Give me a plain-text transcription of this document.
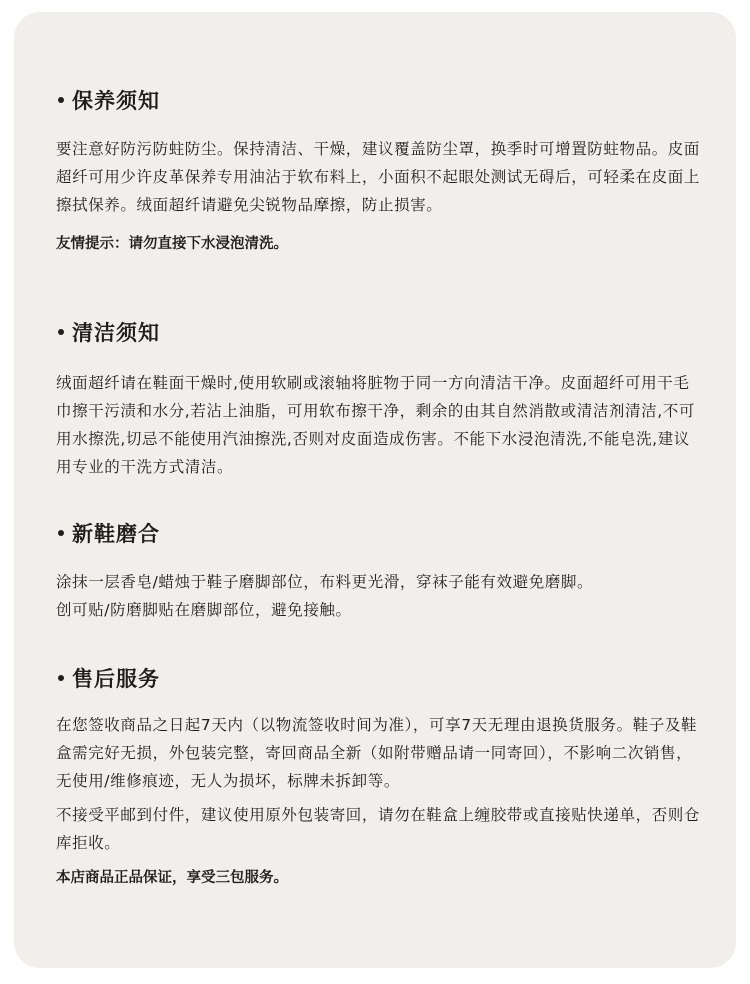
保养须知

要注意好防污防蛀防尘。保持清洁、干燥，建议覆盖防尘罩，换季时可增置防蛀物品。皮面超纤可用少许皮革保养专用油沾于软布料上，小面积不起眼处测试无碍后，可轻柔在皮面上擦拭保养。绒面超纤请避免尖锐物品摩擦，防止损害。

友情提示：请勿直接下水浸泡清洗。

清洁须知

绒面超纤请在鞋面干燥时,使用软刷或滚轴将脏物于同一方向清洁干净。皮面超纤可用干毛巾擦干污渍和水分,若沾上油脂，可用软布擦干净，剩余的由其自然消散或清洁剂清洁,不可用水擦洗,切忌不能使用汽油擦洗,否则对皮面造成伤害。不能下水浸泡清洗,不能皂洗,建议用专业的干洗方式清洁。

新鞋磨合

涂抹一层香皂/蜡烛于鞋子磨脚部位，布料更光滑，穿袜子能有效避免磨脚。

创可贴/防磨脚贴在磨脚部位，避免接触。

售后服务

在您签收商品之日起7天内（以物流签收时间为准），可享7天无理由退换货服务。鞋子及鞋盒需完好无损，外包装完整，寄回商品全新（如附带赠品请一同寄回），不影响二次销售，无使用/维修痕迹，无人为损坏，标牌未拆卸等。

不接受平邮到付件，建议使用原外包装寄回，请勿在鞋盒上缠胶带或直接贴快递单，否则仓库拒收。

本店商品正品保证，享受三包服务。
